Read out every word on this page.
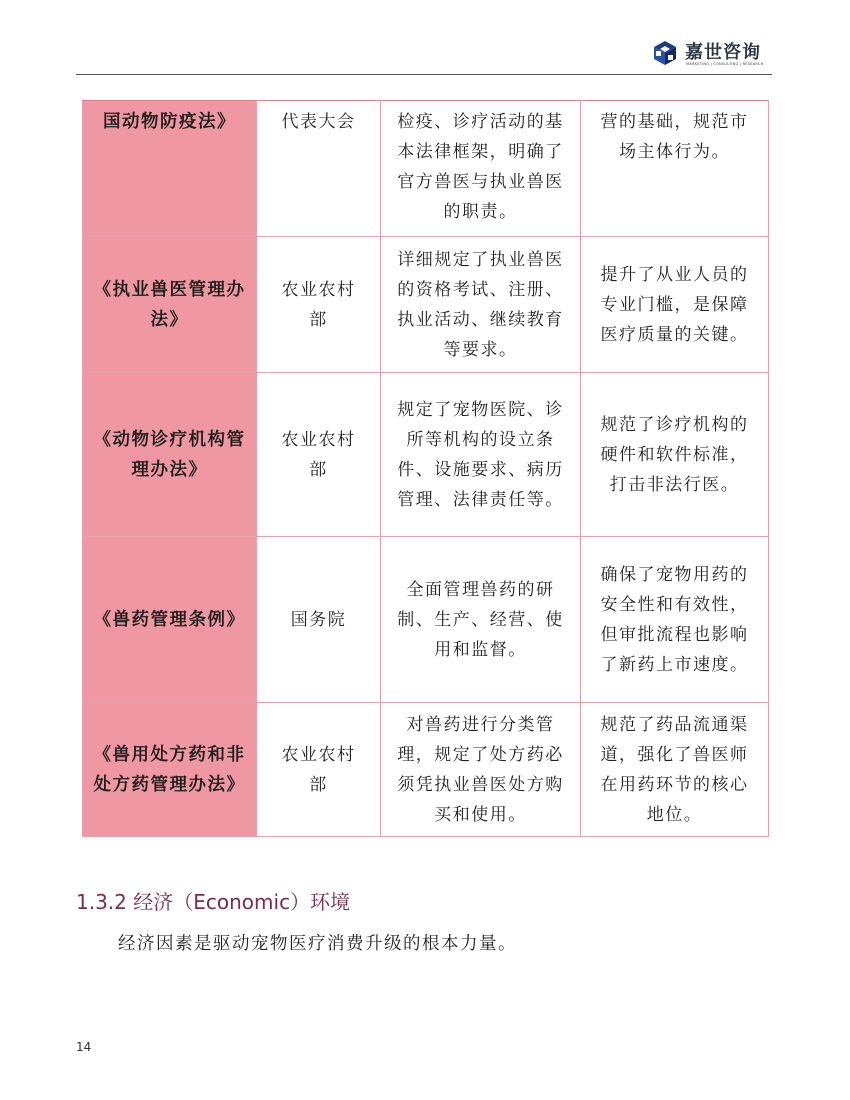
嘉世咨询
MARKETING | CONSULTING | RESEARCH
国动物防疫法》	代表大会	检疫、诊疗活动的基本法律框架，明确了官方兽医与执业兽医的职责。	营的基础，规范市场主体行为。
《执业兽医管理办法》	农业农村部	详细规定了执业兽医的资格考试、注册、执业活动、继续教育等要求。	提升了从业人员的专业门槛，是保障医疗质量的关键。
《动物诊疗机构管理办法》	农业农村部	规定了宠物医院、诊所等机构的设立条件、设施要求、病历管理、法律责任等。	规范了诊疗机构的硬件和软件标准，打击非法行医。
《兽药管理条例》	国务院	全面管理兽药的研制、生产、经营、使用和监督。	确保了宠物用药的安全性和有效性，但审批流程也影响了新药上市速度。
《兽用处方药和非处方药管理办法》	农业农村部	对兽药进行分类管理，规定了处方药必须凭执业兽医处方购买和使用。	规范了药品流通渠道，强化了兽医师在用药环节的核心地位。
1.3.2 经济（Economic）环境
经济因素是驱动宠物医疗消费升级的根本力量。
14
